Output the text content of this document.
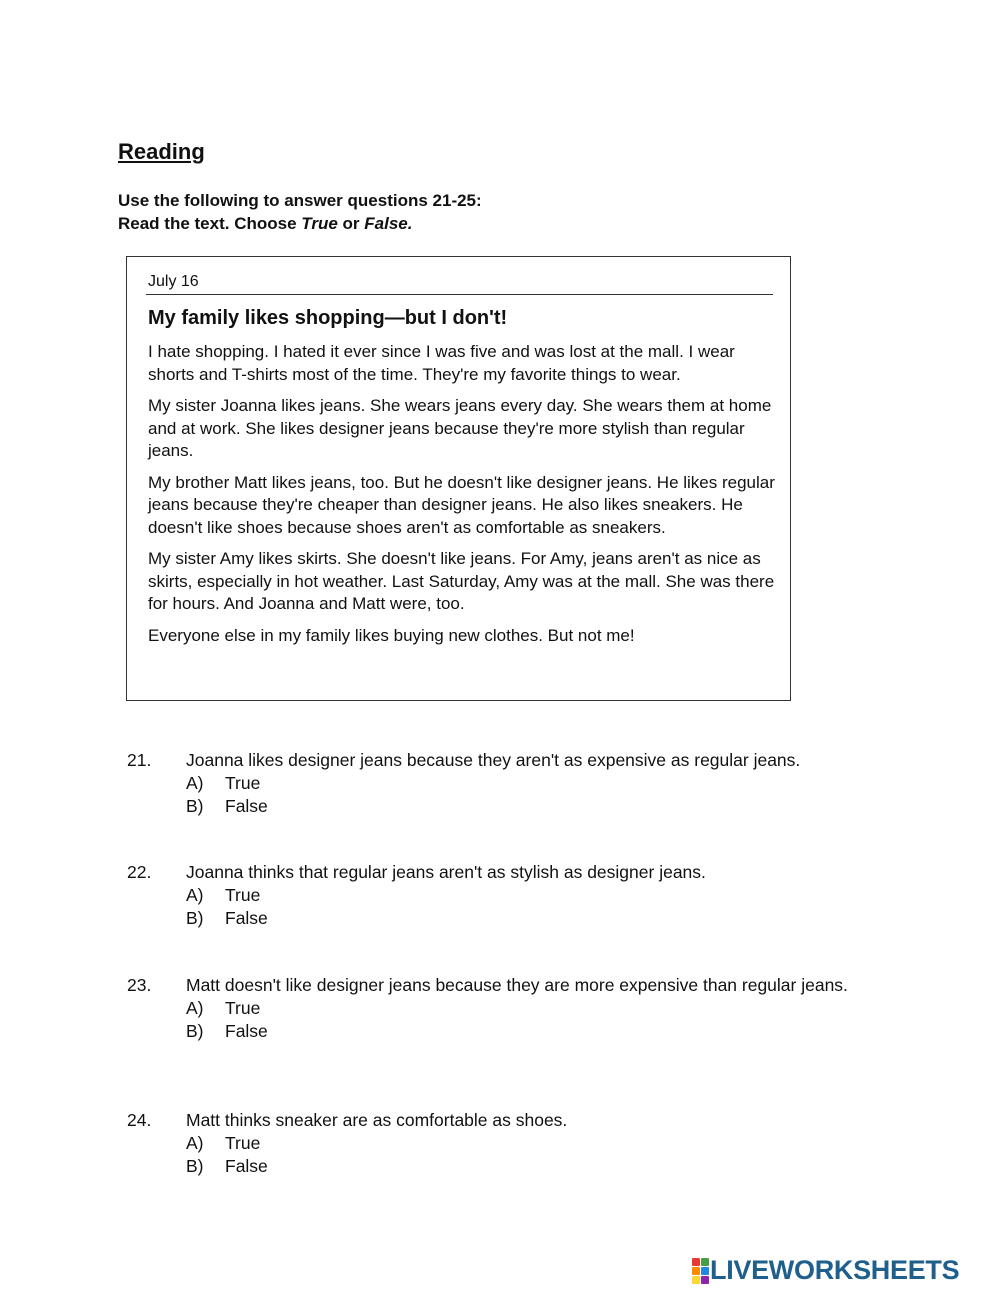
Reading
Use the following to answer questions 21-25:
Read the text. Choose True or False.
July 16
My family likes shopping—but I don't!

I hate shopping. I hated it ever since I was five and was lost at the mall. I wear shorts and T-shirts most of the time. They're my favorite things to wear.

My sister Joanna likes jeans. She wears jeans every day. She wears them at home and at work. She likes designer jeans because they're more stylish than regular jeans.

My brother Matt likes jeans, too. But he doesn't like designer jeans. He likes regular jeans because they're cheaper than designer jeans. He also likes sneakers. He doesn't like shoes because shoes aren't as comfortable as sneakers.

My sister Amy likes skirts. She doesn't like jeans. For Amy, jeans aren't as nice as skirts, especially in hot weather. Last Saturday, Amy was at the mall. She was there for hours. And Joanna and Matt were, too.

Everyone else in my family likes buying new clothes. But not me!

21. Joanna likes designer jeans because they aren't as expensive as regular jeans.
A)	True
B)	False
22. Joanna thinks that regular jeans aren't as stylish as designer jeans.
A)	True
B)	False
23. Matt doesn't like designer jeans because they are more expensive than regular jeans.
A)	True
B)	False
24. Matt thinks sneaker are as comfortable as shoes.
A)	True
B)	False
LIVEWORKSHEETS
